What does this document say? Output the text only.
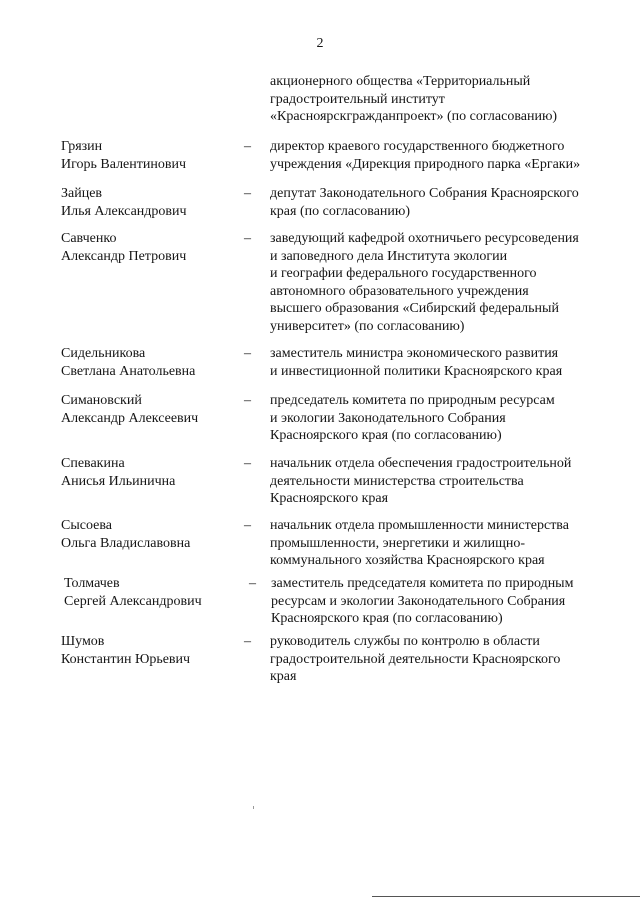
2
акционерного общества «Территориальный
градостроительный институт
«Красноярскгражданпроект» (по согласованию)
Грязин
Игорь Валентинович
– директор краевого государственного бюджетного
учреждения «Дирекция природного парка «Ергаки»
Зайцев
Илья Александрович
– депутат Законодательного Собрания Красноярского
края (по согласованию)
Савченко
Александр Петрович
– заведующий кафедрой охотничьего ресурсоведения
и заповедного дела Института экологии
и географии федерального государственного
автономного образовательного учреждения
высшего образования «Сибирский федеральный
университет» (по согласованию)
Сидельникова
Светлана Анатольевна
– заместитель министра экономического развития
и инвестиционной политики Красноярского края
Симановский
Александр Алексеевич
– председатель комитета по природным ресурсам
и экологии Законодательного Собрания
Красноярского края (по согласованию)
Спевакина
Анисья Ильинична
– начальник отдела обеспечения градостроительной
деятельности министерства строительства
Красноярского края
Сысоева
Ольга Владиславовна
– начальник отдела промышленности министерства
промышленности, энергетики и жилищно-
коммунального хозяйства Красноярского края
Толмачев
Сергей Александрович
– заместитель председателя комитета по природным
ресурсам и экологии Законодательного Собрания
Красноярского края (по согласованию)
Шумов
Константин Юрьевич
– руководитель службы по контролю в области
градостроительной деятельности Красноярского
края
